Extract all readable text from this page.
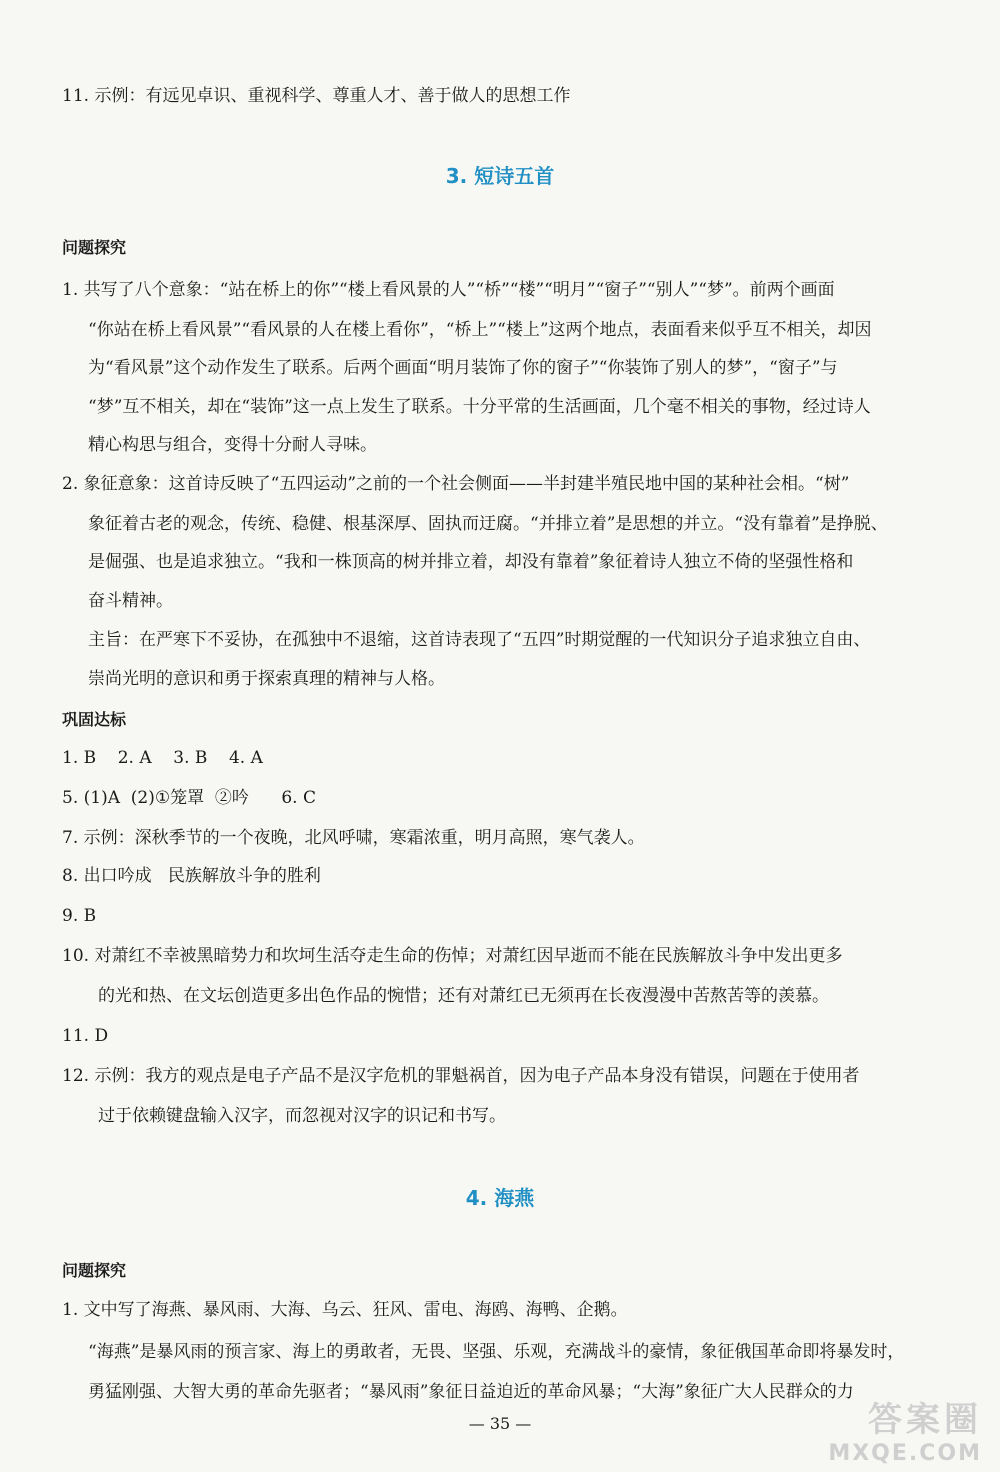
11. 示例：有远见卓识、重视科学、尊重人才、善于做人的思想工作
3. 短诗五首
问题探究
1. 共写了八个意象：“站在桥上的你”“楼上看风景的人”“桥”“楼”“明月”“窗子”“别人”“梦”。前两个画面
“你站在桥上看风景”“看风景的人在楼上看你”，“桥上”“楼上”这两个地点，表面看来似乎互不相关，却因
为“看风景”这个动作发生了联系。后两个画面“明月装饰了你的窗子”“你装饰了别人的梦”，“窗子”与
“梦”互不相关，却在“装饰”这一点上发生了联系。十分平常的生活画面，几个毫不相关的事物，经过诗人
精心构思与组合，变得十分耐人寻味。
2. 象征意象：这首诗反映了“五四运动”之前的一个社会侧面——半封建半殖民地中国的某种社会相。“树”
象征着古老的观念，传统、稳健、根基深厚、固执而迂腐。“并排立着”是思想的并立。“没有靠着”是挣脱、
是倔强、也是追求独立。“我和一株顶高的树并排立着，却没有靠着”象征着诗人独立不倚的坚强性格和
奋斗精神。
主旨：在严寒下不妥协，在孤独中不退缩，这首诗表现了“五四”时期觉醒的一代知识分子追求独立自由、
崇尚光明的意识和勇于探索真理的精神与人格。
巩固达标
1. B    2. A    3. B    4. A
5. (1)A  (2)①笼罩  ②吟      6. C
7. 示例：深秋季节的一个夜晚，北风呼啸，寒霜浓重，明月高照，寒气袭人。
8. 出口吟成   民族解放斗争的胜利
9. B
10. 对萧红不幸被黑暗势力和坎坷生活夺走生命的伤悼；对萧红因早逝而不能在民族解放斗争中发出更多
的光和热、在文坛创造更多出色作品的惋惜；还有对萧红已无须再在长夜漫漫中苦熬苦等的羡慕。
11. D
12. 示例：我方的观点是电子产品不是汉字危机的罪魁祸首，因为电子产品本身没有错误，问题在于使用者
过于依赖键盘输入汉字，而忽视对汉字的识记和书写。
4. 海燕
问题探究
1. 文中写了海燕、暴风雨、大海、乌云、狂风、雷电、海鸥、海鸭、企鹅。
“海燕”是暴风雨的预言家、海上的勇敢者，无畏、坚强、乐观，充满战斗的豪情，象征俄国革命即将暴发时，
勇猛刚强、大智大勇的革命先驱者；“暴风雨”象征日益迫近的革命风暴；“大海”象征广大人民群众的力
— 35 —	答案圈
MXQE.COM
